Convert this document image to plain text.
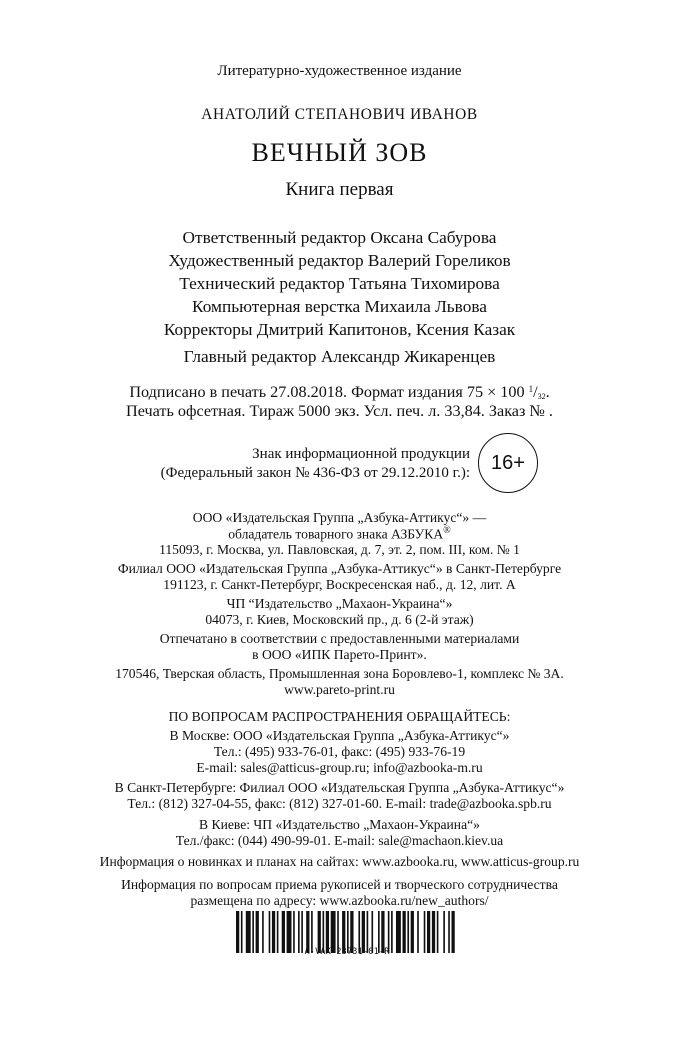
Литературно-художественное издание
АНАТОЛИЙ СТЕПАНОВИЧ ИВАНОВ
ВЕЧНЫЙ ЗОВ
Книга первая
Ответственный редактор Оксана Сабурова
Художественный редактор Валерий Гореликов
Технический редактор Татьяна Тихомирова
Компьютерная верстка Михаила Львова
Корректоры Дмитрий Капитонов, Ксения Казак
Главный редактор Александр Жикаренцев
Подписано в печать 27.08.2018. Формат издания 75 × 100 $^1/_{32}$.
Печать офсетная. Тираж 5000 экз. Усл. печ. л. 33,84. Заказ № .
Знак информационной продукции
(Федеральный закон № 436-ФЗ от 29.12.2010 г.):	16+
ООО «Издательская Группа „Азбука-Аттикус“» —
обладатель товарного знака АЗБУКА®
115093, г. Москва, ул. Павловская, д. 7, эт. 2, пом. III, ком. № 1
Филиал ООО «Издательская Группа „Азбука-Аттикус“» в Санкт-Петербурге
191123, г. Санкт-Петербург, Воскресенская наб., д. 12, лит. А
ЧП “Издательство „Махаон-Украина“»
04073, г. Киев, Московский пр., д. 6 (2-й этаж)
Отпечатано в соответствии с предоставленными материалами
в ООО «ИПК Парето-Принт».
170546, Тверская область, Промышленная зона Боровлево-1, комплекс № 3А.
www.pareto-print.ru
ПО ВОПРОСАМ РАСПРОСТРАНЕНИЯ ОБРАЩАЙТЕСЬ:
В Москве: ООО «Издательская Группа „Азбука-Аттикус“»
Тел.: (495) 933-76-01, факс: (495) 933-76-19
E-mail: sales@atticus-group.ru; info@azbooka-m.ru
В Санкт-Петербурге: Филиал ООО «Издательская Группа „Азбука-Аттикус“»
Тел.: (812) 327-04-55, факс: (812) 327-01-60. E-mail: trade@azbooka.spb.ru
В Киеве: ЧП «Издательство „Махаон-Украина“»
Тел./факс: (044) 490-99-01. E-mail: sale@machaon.kiev.ua
Информация о новинках и планах на сайтах: www.azbooka.ru, www.atticus-group.ru
Информация по вопросам приема рукописей и творческого сотрудничества
размещена по адресу: www.azbooka.ru/new_authors/
A-VAK-23731-01-R
